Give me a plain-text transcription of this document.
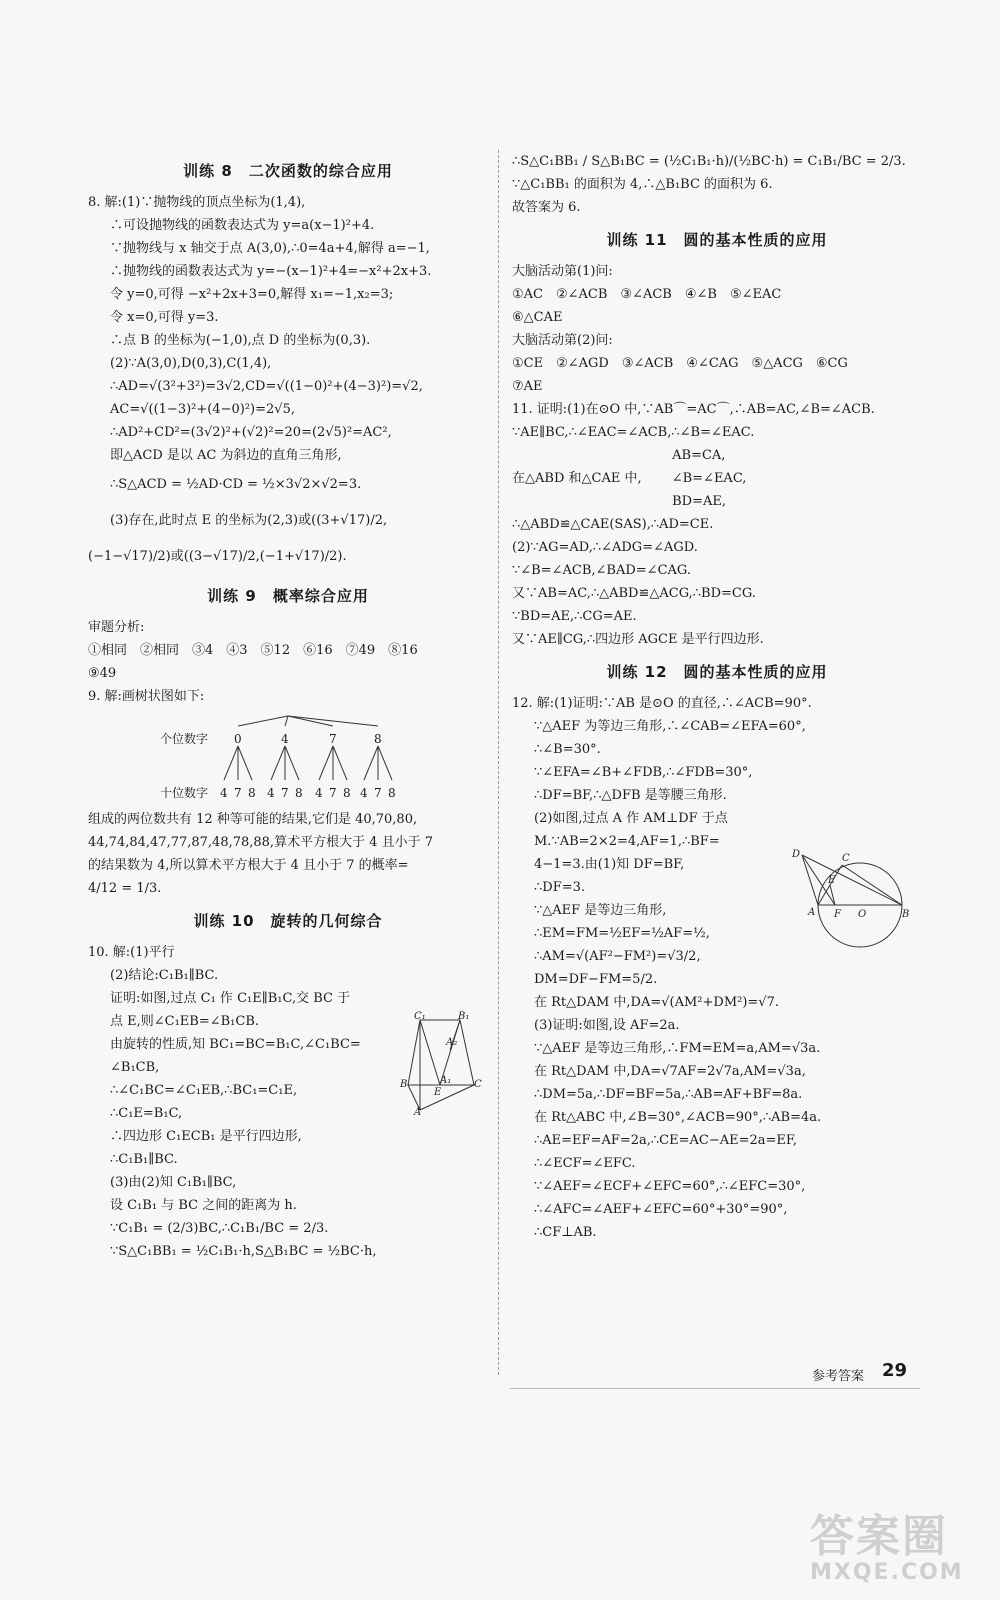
训练 8　二次函数的综合应用
8. 解:(1)∵抛物线的顶点坐标为(1,4),
∴可设抛物线的函数表达式为 y=a(x−1)²+4.
∵抛物线与 x 轴交于点 A(3,0),∴0=4a+4,解得 a=−1,
∴抛物线的函数表达式为 y=−(x−1)²+4=−x²+2x+3.
令 y=0,可得 −x²+2x+3=0,解得 x₁=−1,x₂=3;
令 x=0,可得 y=3.
∴点 B 的坐标为(−1,0),点 D 的坐标为(0,3).
(2)∵A(3,0),D(0,3),C(1,4),
∴AD=√(3²+3²)=3√2,CD=√((1−0)²+(4−3)²)=√2,
AC=√((1−3)²+(4−0)²)=2√5,
∴AD²+CD²=(3√2)²+(√2)²=20=(2√5)²=AC²,
即△ACD 是以 AC 为斜边的直角三角形,
∴S△ACD = ½AD·CD = ½×3√2×√2=3.
(3)存在,此时点 E 的坐标为(2,3)或((3+√17)/2,
(−1−√17)/2)或((3−√17)/2,(−1+√17)/2).
训练 9　概率综合应用
审题分析:
①相同　②相同　③4　④3　⑤12　⑥16　⑦49　⑧16
⑨49
9. 解:画树状图如下:
个位数字
十位数字
0	4	7	8
4 7 8 4 7 8 4 7 8 4 7 8
组成的两位数共有 12 种等可能的结果,它们是 40,70,80,
44,74,84,47,77,87,48,78,88,算术平方根大于 4 且小于 7
的结果数为 4,所以算术平方根大于 4 且小于 7 的概率=
4/12 = 1/3.
训练 10　旋转的几何综合
10. 解:(1)平行
(2)结论:C₁B₁∥BC.
证明:如图,过点 C₁ 作 C₁E∥B₁C,交 BC 于
点 E,则∠C₁EB=∠B₁CB.
由旋转的性质,知 BC₁=BC=B₁C,∠C₁BC=
∠B₁CB,
∴∠C₁BC=∠C₁EB,∴BC₁=C₁E,
∴C₁E=B₁C,
∴四边形 C₁ECB₁ 是平行四边形,
∴C₁B₁∥BC.
(3)由(2)知 C₁B₁∥BC,
设 C₁B₁ 与 BC 之间的距离为 h.
∵C₁B₁ = (2/3)BC,∴C₁B₁/BC = 2/3.
∵S△C₁BB₁ = ½C₁B₁·h,S△B₁BC = ½BC·h,
C₁	B₁
A₂
B
E
A₁ C
A
∴S△C₁BB₁ / S△B₁BC = (½C₁B₁·h)/(½BC·h) = C₁B₁/BC = 2/3.
∵△C₁BB₁ 的面积为 4,∴△B₁BC 的面积为 6.
故答案为 6.
训练 11　圆的基本性质的应用
大脑活动第(1)问:
①AC　②∠ACB　③∠ACB　④∠B　⑤∠EAC
⑥△CAE
大脑活动第(2)问:
①CE　②∠AGD　③∠ACB　④∠CAG　⑤△ACG　⑥CG
⑦AE
11. 证明:(1)在⊙O 中,∵AB⌒=AC⌒,∴AB=AC,∠B=∠ACB.
∵AE∥BC,∴∠EAC=∠ACB,∴∠B=∠EAC.
　　　　　　　　　　　　 AB=CA,
在△ABD 和△CAE 中,　　 ∠B=∠EAC,
　　　　　　　　　　　　 BD=AE,
∴△ABD≌△CAE(SAS),∴AD=CE.
(2)∵AG=AD,∴∠ADG=∠AGD.
∵∠B=∠ACB,∠BAD=∠CAG.
又∵AB=AC,∴△ABD≌△ACG,∴BD=CG.
∵BD=AE,∴CG=AE.
又∵AE∥CG,∴四边形 AGCE 是平行四边形.
训练 12　圆的基本性质的应用
12. 解:(1)证明:∵AB 是⊙O 的直径,∴∠ACB=90°.
∵△AEF 为等边三角形,∴∠CAB=∠EFA=60°,
∴∠B=30°.
∵∠EFA=∠B+∠FDB,∴∠FDB=30°,
∴DF=BF,∴△DFB 是等腰三角形.
(2)如图,过点 A 作 AM⊥DF 于点
M.∵AB=2×2=4,AF=1,∴BF=
4−1=3.由(1)知 DF=BF,
∴DF=3.
∵△AEF 是等边三角形,
∴EM=FM=½EF=½AF=½,
∴AM=√(AF²−FM²)=√3/2,
DM=DF−FM=5/2.
在 Rt△DAM 中,DA=√(AM²+DM²)=√7.
(3)证明:如图,设 AF=2a.
∵△AEF 是等边三角形,∴FM=EM=a,AM=√3a.
在 Rt△DAM 中,DA=√7AF=2√7a,AM=√3a,
∴DM=5a,∴DF=BF=5a,∴AB=AF+BF=8a.
在 Rt△ABC 中,∠B=30°,∠ACB=90°,∴AB=4a.
∴AE=EF=AF=2a,∴CE=AC−AE=2a=EF,
∴∠ECF=∠EFC.
∵∠AEF=∠ECF+∠EFC=60°,∴∠EFC=30°,
∴∠AFC=∠AEF+∠EFC=60°+30°=90°,
∴CF⊥AB.
D	C
E
A F O	B
参考答案 29
答案圈
MXQE.COM
